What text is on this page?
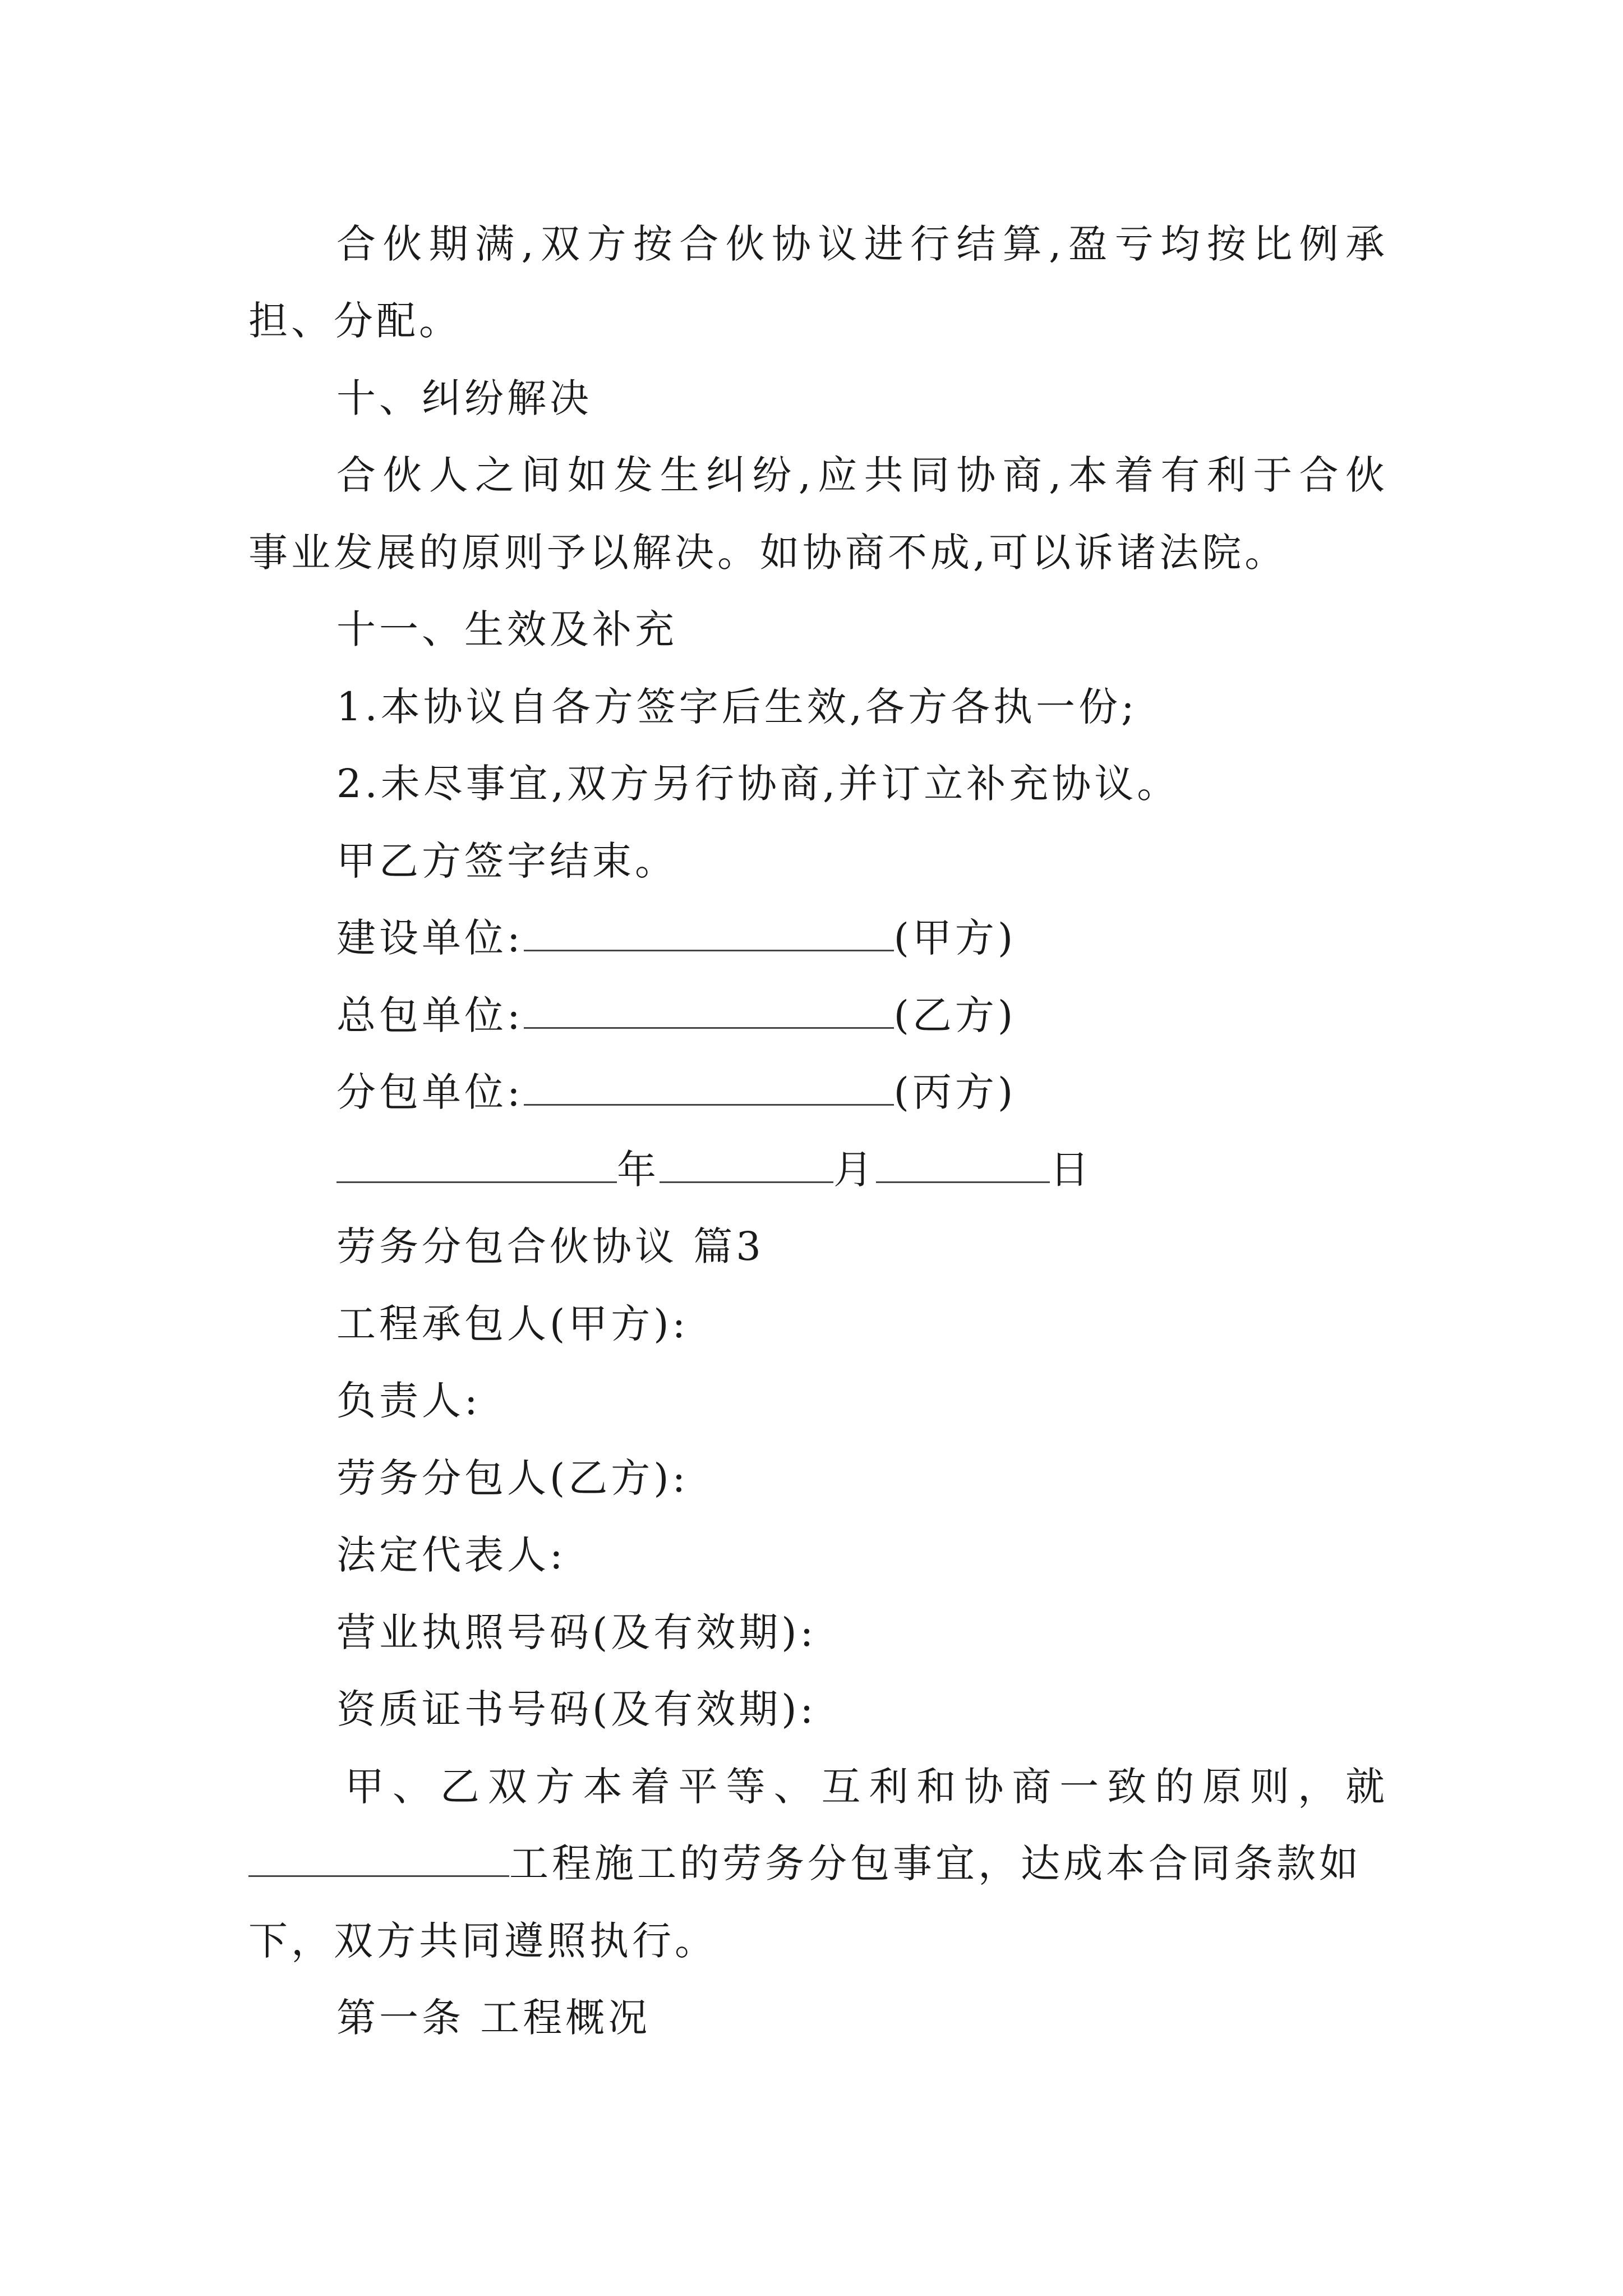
合伙期满,双方按合伙协议进行结算,盈亏均按比例承
担、分配。
十、纠纷解决
合伙人之间如发生纠纷,应共同协商,本着有利于合伙
事业发展的原则予以解决。如协商不成,可以诉诸法院。
十一、生效及补充
1.本协议自各方签字后生效,各方各执一份;
2.未尽事宜,双方另行协商,并订立补充协议。
甲乙方签字结束。
建设单位:	(甲方)
总包单位:	(乙方)
分包单位:	(丙方)
年	月	日
劳务分包合伙协议 篇3
工程承包人(甲方):
负责人:
劳务分包人(乙方):
法定代表人:
营业执照号码(及有效期):
资质证书号码(及有效期):
甲、乙双方本着平等、互利和协商一致的原则，就
工程施工的劳务分包事宜，达成本合同条款如
下，双方共同遵照执行。
第一条 工程概况
